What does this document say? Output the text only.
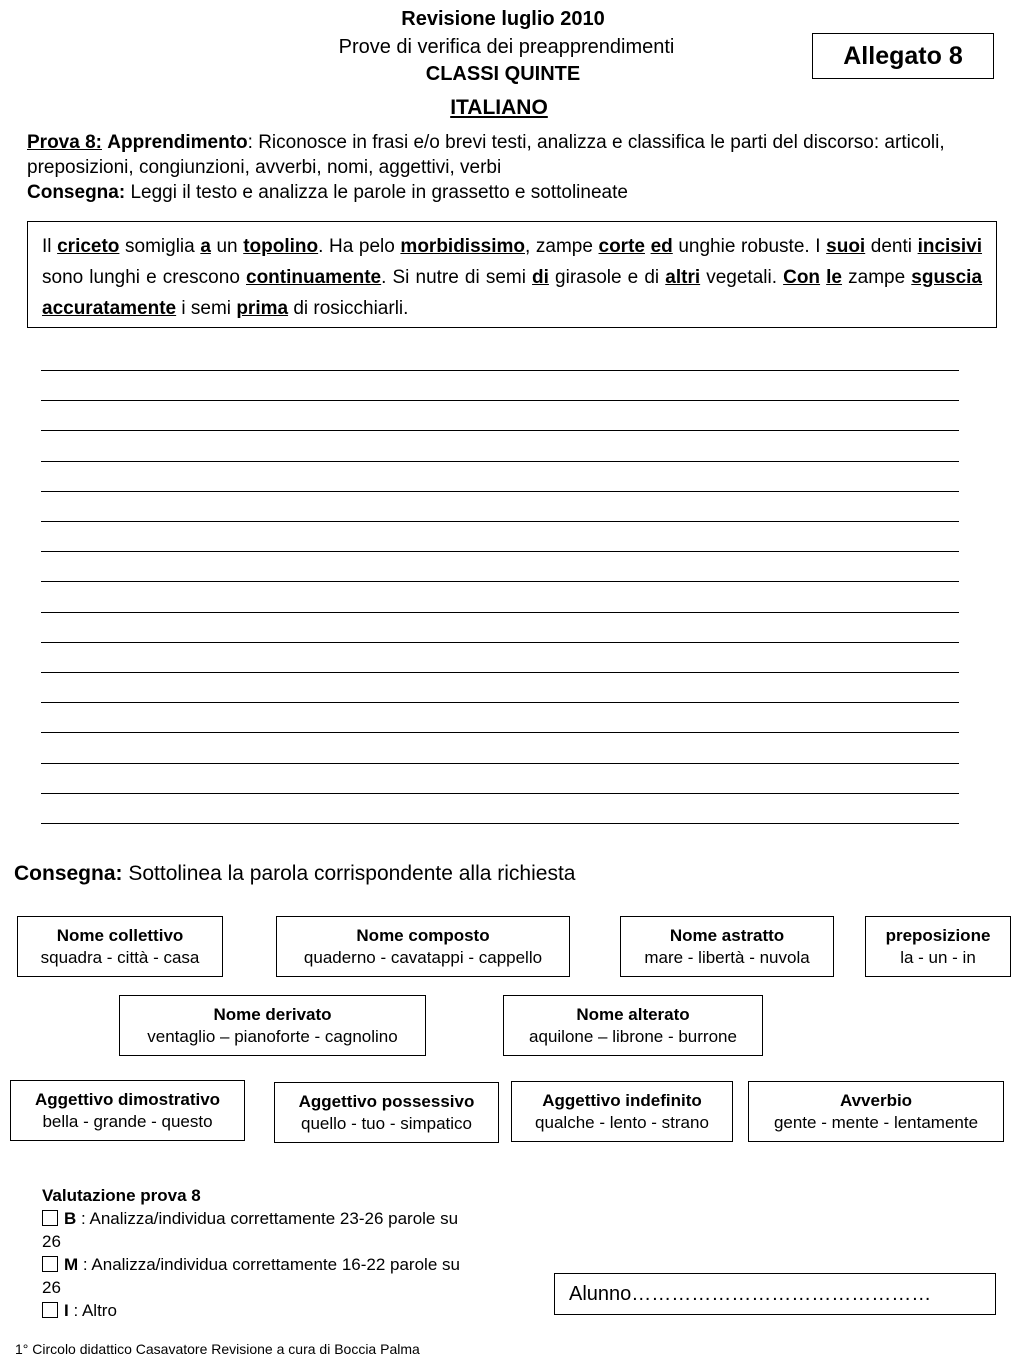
Revisione luglio 2010
Prove di verifica dei preapprendimenti
CLASSI QUINTE
ITALIANO
Allegato 8
Prova 8: Apprendimento: Riconosce in frasi e/o brevi testi, analizza e classifica le parti del discorso: articoli, preposizioni, congiunzioni, avverbi, nomi, aggettivi, verbi
Consegna: Leggi il testo e analizza le parole in grassetto e sottolineate
Il criceto somiglia a un topolino. Ha pelo morbidissimo, zampe corte ed unghie robuste. I suoi denti incisivi sono lunghi e crescono continuamente. Si nutre di semi di girasole e di altri vegetali. Con le zampe sguscia accuratamente i semi prima di rosicchiarli.
Consegna: Sottolinea la parola corrispondente alla richiesta
Nome collettivo
squadra - città - casa
Nome composto
quaderno - cavatappi - cappello
Nome astratto
mare - libertà - nuvola
preposizione
la - un - in
Nome derivato
ventaglio – pianoforte - cagnolino
Nome alterato
aquilone – librone - burrone
Aggettivo dimostrativo
bella - grande - questo
Aggettivo possessivo
quello - tuo - simpatico
Aggettivo indefinito
qualche - lento - strano
Avverbio
gente - mente - lentamente
Valutazione prova 8
B : Analizza/individua correttamente 23-26 parole su 26
M : Analizza/individua correttamente 16-22 parole su 26
I : Altro
Alunno………………………………………
1° Circolo didattico Casavatore Revisione a cura di Boccia Palma
